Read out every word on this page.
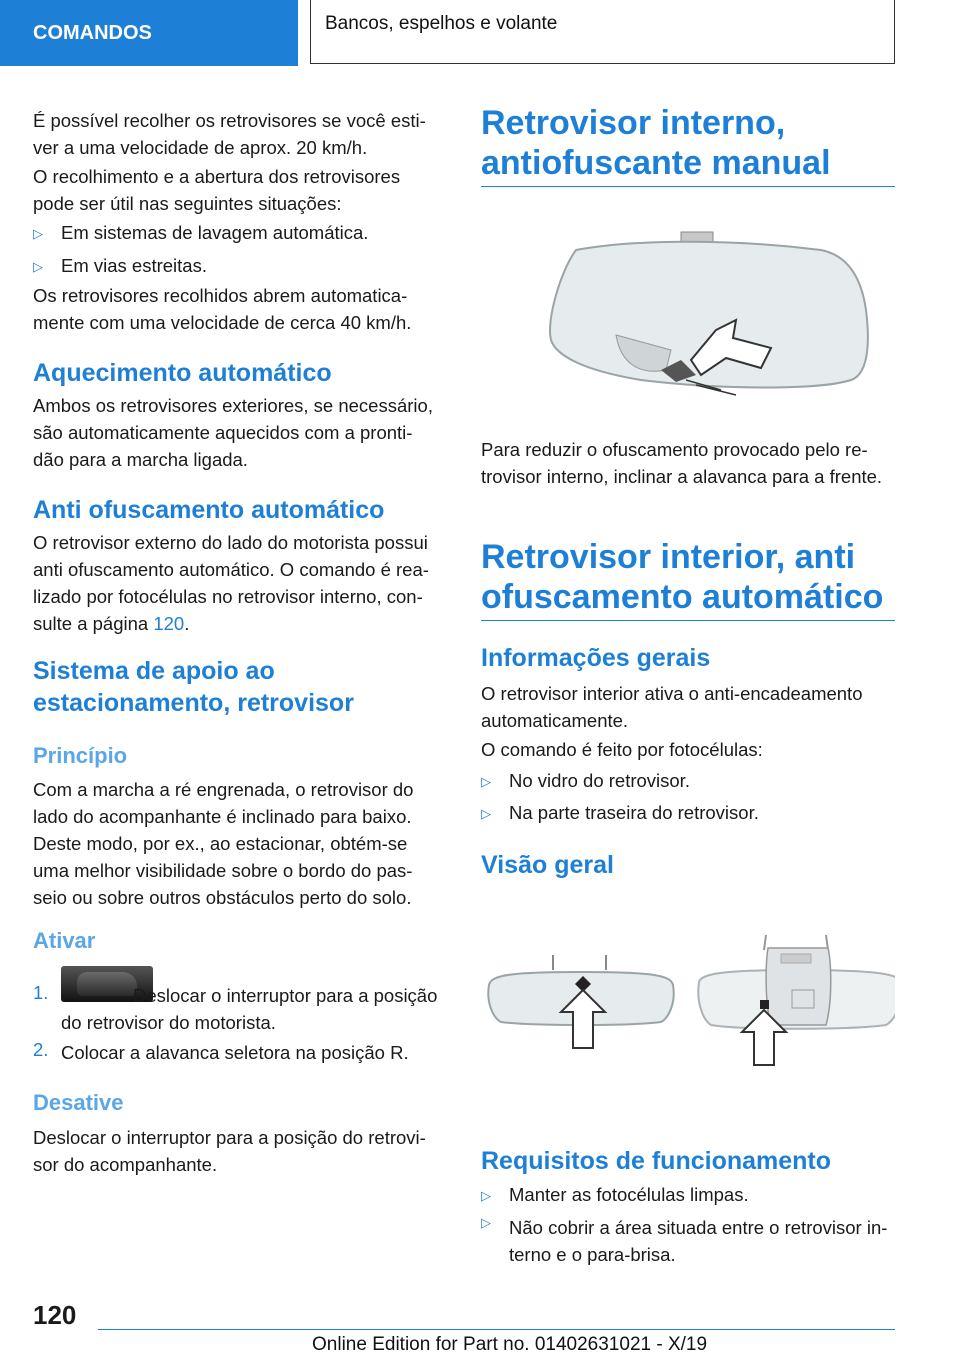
COMANDOS	Bancos, espelhos e volante

É possível recolher os retrovisores se você esti-

ver a uma velocidade de aprox. 20 km/h.

O recolhimento e a abertura dos retrovisores

pode ser útil nas seguintes situações:

▷ Em sistemas de lavagem automática.
▷ Em vias estreitas.

Os retrovisores recolhidos abrem automatica-

mente com uma velocidade de cerca 40 km/h.

Aquecimento automático

Ambos os retrovisores exteriores, se necessário,

são automaticamente aquecidos com a pronti-

dão para a marcha ligada.

Anti ofuscamento automático

O retrovisor externo do lado do motorista possui

anti ofuscamento automático. O comando é rea-

lizado por fotocélulas no retrovisor interno, con-

sulte a página 120.

Sistema de apoio ao
estacionamento, retrovisor
Princípio

Com a marcha a ré engrenada, o retrovisor do

lado do acompanhante é inclinado para baixo.

Deste modo, por ex., ao estacionar, obtém-se

uma melhor visibilidade sobre o bordo do pas-

seio ou sobre outros obstáculos perto do solo.

Ativar
1.	Deslocar o interruptor para a posição

do retrovisor do motorista.

2. Colocar a alavanca seletora na posição R.

Desative

Deslocar o interruptor para a posição do retrovi-

sor do acompanhante.

Retrovisor interno,
antiofuscante manual

Para reduzir o ofuscamento provocado pelo re-

trovisor interno, inclinar a alavanca para a frente.

Retrovisor interior, anti
ofuscamento automático
Informações gerais

O retrovisor interior ativa o anti-encadeamento

automaticamente.

O comando é feito por fotocélulas:

▷ No vidro do retrovisor.
▷ Na parte traseira do retrovisor.
Visão geral
Requisitos de funcionamento
▷ Manter as fotocélulas limpas.
▷ Não cobrir a área situada entre o retrovisor in-

terno e o para-brisa.

120
Online Edition for Part no. 01402631021 - X/19
